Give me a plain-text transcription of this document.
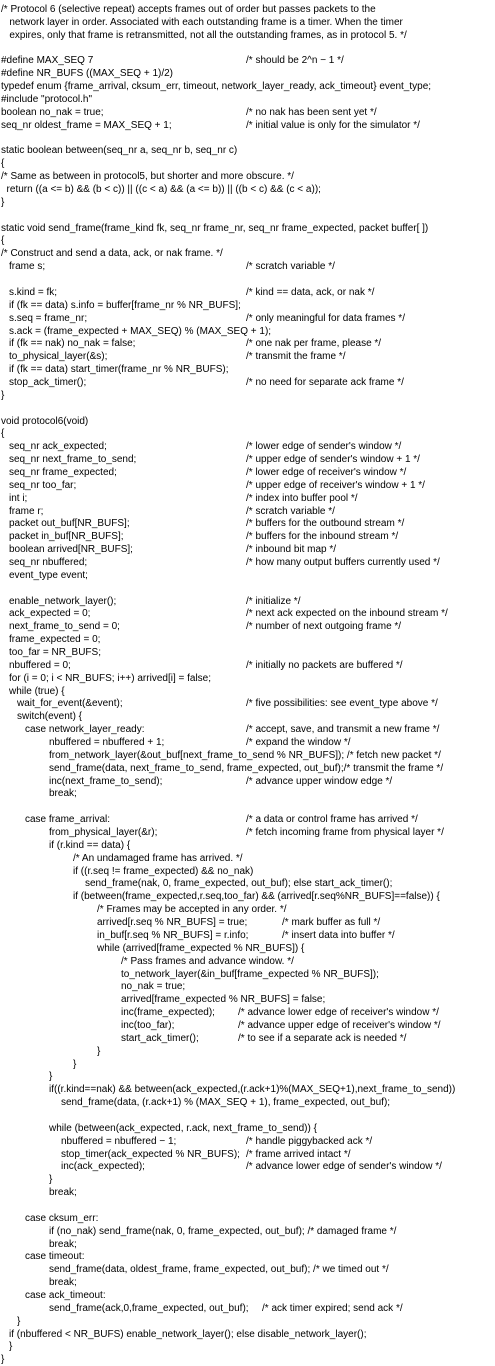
/* Protocol 6 (selective repeat) accepts frames out of order but passes packets to the
network layer in order. Associated with each outstanding frame is a timer. When the timer
expires, only that frame is retransmitted, not all the outstanding frames, as in protocol 5. */
#define MAX_SEQ 7	/* should be 2^n − 1 */
#define NR_BUFS ((MAX_SEQ + 1)/2)
typedef enum {frame_arrival, cksum_err, timeout, network_layer_ready, ack_timeout} event_type;
#include "protocol.h"
boolean no_nak = true;	/* no nak has been sent yet */
seq_nr oldest_frame = MAX_SEQ + 1;	/* initial value is only for the simulator */
static boolean between(seq_nr a, seq_nr b, seq_nr c)
{
/* Same as between in protocol5, but shorter and more obscure. */
return ((a <= b) && (b < c)) || ((c < a) && (a <= b)) || ((b < c) && (c < a));
}
static void send_frame(frame_kind fk, seq_nr frame_nr, seq_nr frame_expected, packet buffer[ ])
{
/* Construct and send a data, ack, or nak frame. */
frame s;	/* scratch variable */
s.kind = fk;	/* kind == data, ack, or nak */
if (fk == data) s.info = buffer[frame_nr % NR_BUFS];
s.seq = frame_nr;	/* only meaningful for data frames */
s.ack = (frame_expected + MAX_SEQ) % (MAX_SEQ + 1);
if (fk == nak) no_nak = false;	/* one nak per frame, please */
to_physical_layer(&s);	/* transmit the frame */
if (fk == data) start_timer(frame_nr % NR_BUFS);
stop_ack_timer();	/* no need for separate ack frame */
}
void protocol6(void)
{
seq_nr ack_expected;	/* lower edge of sender's window */
seq_nr next_frame_to_send;	/* upper edge of sender's window + 1 */
seq_nr frame_expected;	/* lower edge of receiver's window */
seq_nr too_far;	/* upper edge of receiver's window + 1 */
int i;	/* index into buffer pool */
frame r;	/* scratch variable */
packet out_buf[NR_BUFS];	/* buffers for the outbound stream */
packet in_buf[NR_BUFS];	/* buffers for the inbound stream */
boolean arrived[NR_BUFS];	/* inbound bit map */
seq_nr nbuffered;	/* how many output buffers currently used */
event_type event;
enable_network_layer();	/* initialize */
ack_expected = 0;	/* next ack expected on the inbound stream */
next_frame_to_send = 0;	/* number of next outgoing frame */
frame_expected = 0;
too_far = NR_BUFS;
nbuffered = 0;	/* initially no packets are buffered */
for (i = 0; i < NR_BUFS; i++) arrived[i] = false;
while (true) {
wait_for_event(&event);	/* five possibilities: see event_type above */
switch(event) {
case network_layer_ready:	/* accept, save, and transmit a new frame */
nbuffered = nbuffered + 1;	/* expand the window */
from_network_layer(&out_buf[next_frame_to_send % NR_BUFS]); /* fetch new packet */
send_frame(data, next_frame_to_send, frame_expected, out_buf);/* transmit the frame */
inc(next_frame_to_send);	/* advance upper window edge */
break;
case frame_arrival:	/* a data or control frame has arrived */
from_physical_layer(&r);	/* fetch incoming frame from physical layer */
if (r.kind == data) {
/* An undamaged frame has arrived. */
if ((r.seq != frame_expected) && no_nak)
send_frame(nak, 0, frame_expected, out_buf); else start_ack_timer();
if (between(frame_expected,r.seq,too_far) && (arrived[r.seq%NR_BUFS]==false)) {
/* Frames may be accepted in any order. */
arrived[r.seq % NR_BUFS] = true;	/* mark buffer as full */
in_buf[r.seq % NR_BUFS] = r.info;	/* insert data into buffer */
while (arrived[frame_expected % NR_BUFS]) {
/* Pass frames and advance window. */
to_network_layer(&in_buf[frame_expected % NR_BUFS]);
no_nak = true;
arrived[frame_expected % NR_BUFS] = false;
inc(frame_expected); /* advance lower edge of receiver's window */
inc(too_far);	/* advance upper edge of receiver's window */
start_ack_timer();	/* to see if a separate ack is needed */
}
}
}
if((r.kind==nak) && between(ack_expected,(r.ack+1)%(MAX_SEQ+1),next_frame_to_send))
send_frame(data, (r.ack+1) % (MAX_SEQ + 1), frame_expected, out_buf);
while (between(ack_expected, r.ack, next_frame_to_send)) {
nbuffered = nbuffered − 1;	/* handle piggybacked ack */
stop_timer(ack_expected % NR_BUFS); /* frame arrived intact */
inc(ack_expected);	/* advance lower edge of sender's window */
}
break;
case cksum_err:
if (no_nak) send_frame(nak, 0, frame_expected, out_buf); /* damaged frame */
break;
case timeout:
send_frame(data, oldest_frame, frame_expected, out_buf); /* we timed out */
break;
case ack_timeout:
send_frame(ack,0,frame_expected, out_buf); /* ack timer expired; send ack */
}
if (nbuffered < NR_BUFS) enable_network_layer(); else disable_network_layer();
}
}
